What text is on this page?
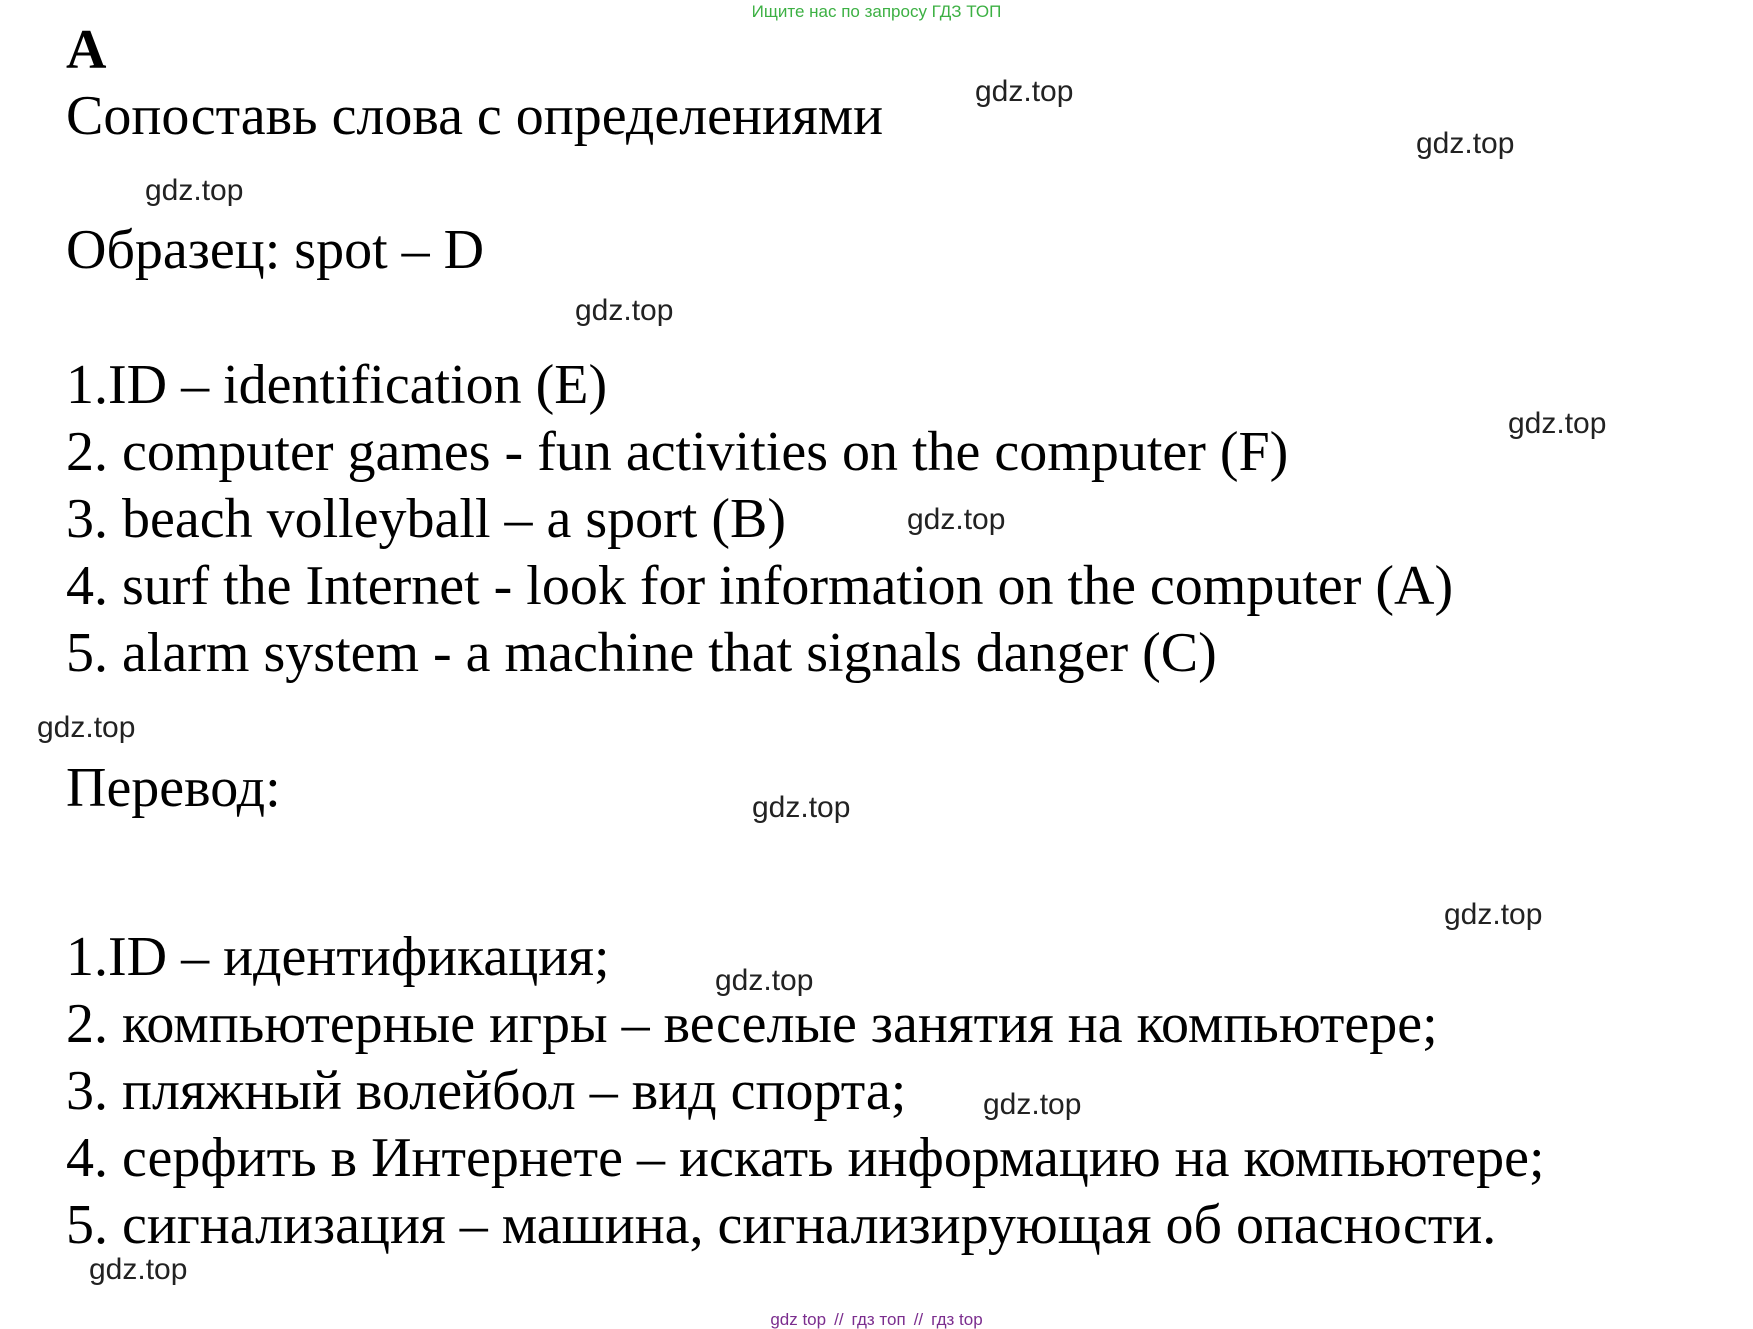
Ищите нас по запросу ГДЗ ТОП
A
Сопоставь слова с определениями
Образец: spot – D
1.ID – identification (E)
2. computer games - fun activities on the computer (F)
3. beach volleyball – a sport (B)
4. surf the Internet - look for information on the computer (A)
5. alarm system - a machine that signals danger (C)
Перевод:
1.ID – идентификация;
2. компьютерные игры – веселые занятия на компьютере;
3. пляжный волейбол – вид спорта;
4. серфить в Интернете – искать информацию на компьютере;
5. сигнализация – машина, сигнализирующая об опасности.
gdz.top
gdz.top
gdz.top
gdz.top
gdz.top
gdz.top
gdz.top
gdz.top
gdz.top
gdz.top
gdz.top
gdz.top
gdz top // гдз топ // гдз top
